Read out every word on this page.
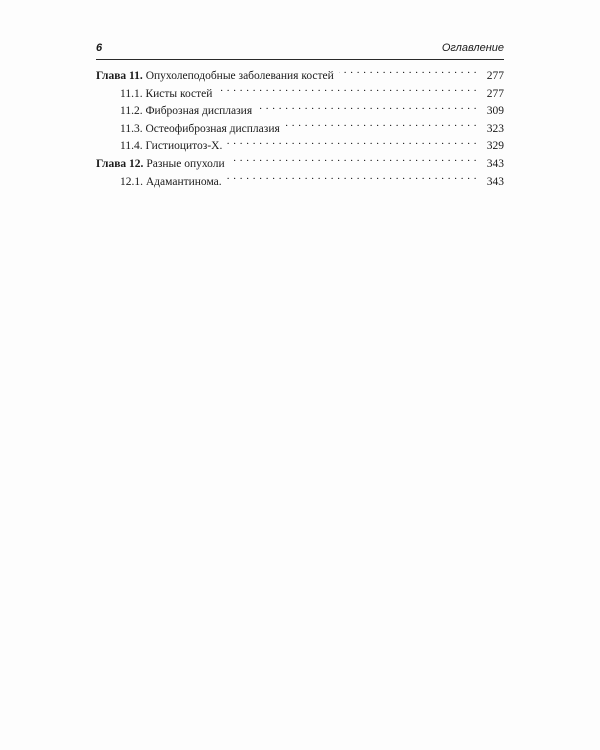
6	Оглавление
Глава 11. Опухолеподобные заболевания костей . . .	277
11.1. Кисты костей . . .	277
11.2. Фиброзная дисплазия . . .	309
11.3. Остеофиброзная дисплазия . . .	323
11.4. Гистиоцитоз-Х. . . .	329
Глава 12. Разные опухоли . . .	343
12.1. Адамантинома. . . .	343
